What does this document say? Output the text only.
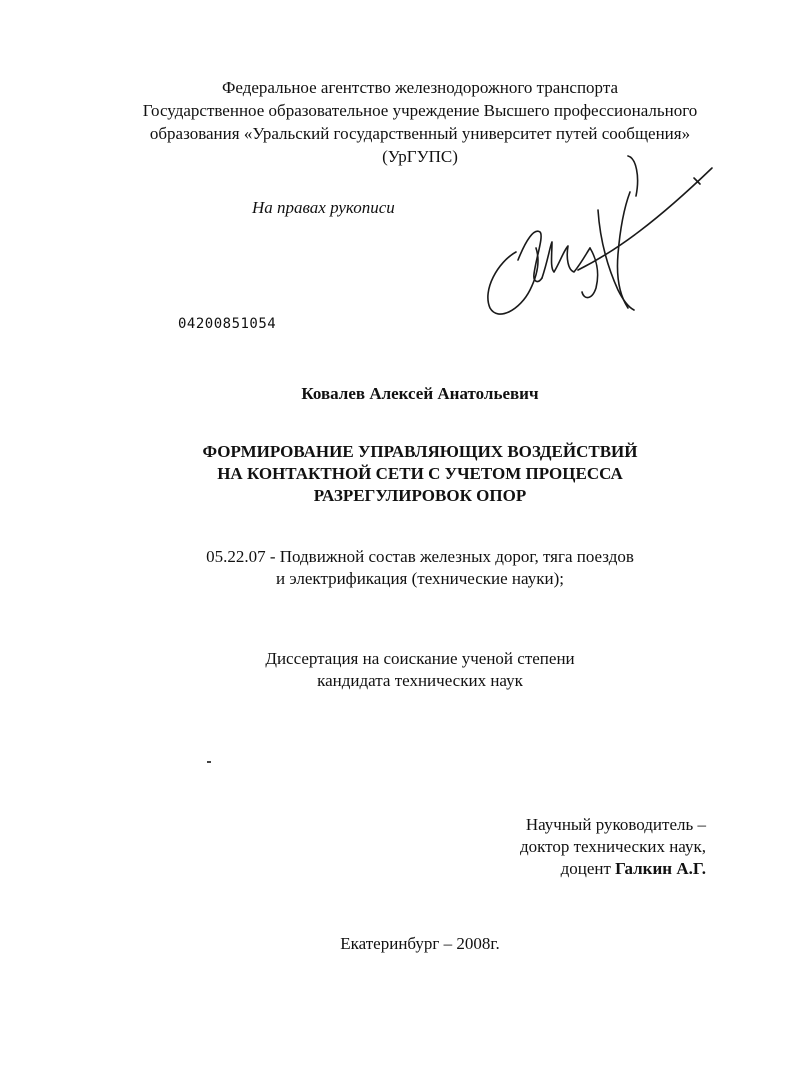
Федеральное агентство железнодорожного транспорта
Государственное образовательное учреждение Высшего профессионального
образования «Уральский государственный университет путей сообщения»
(УрГУПС)
На правах рукописи
04200851054
Ковалев Алексей Анатольевич
ФОРМИРОВАНИЕ УПРАВЛЯЮЩИХ ВОЗДЕЙСТВИЙ
НА КОНТАКТНОЙ СЕТИ С УЧЕТОМ ПРОЦЕССА
РАЗРЕГУЛИРОВОК ОПОР
05.22.07 - Подвижной состав железных дорог, тяга поездов
и электрификация (технические науки);
Диссертация на соискание ученой степени
кандидата технических наук
Научный руководитель –
доктор технических наук,
доцент Галкин А.Г.
Екатеринбург – 2008г.
